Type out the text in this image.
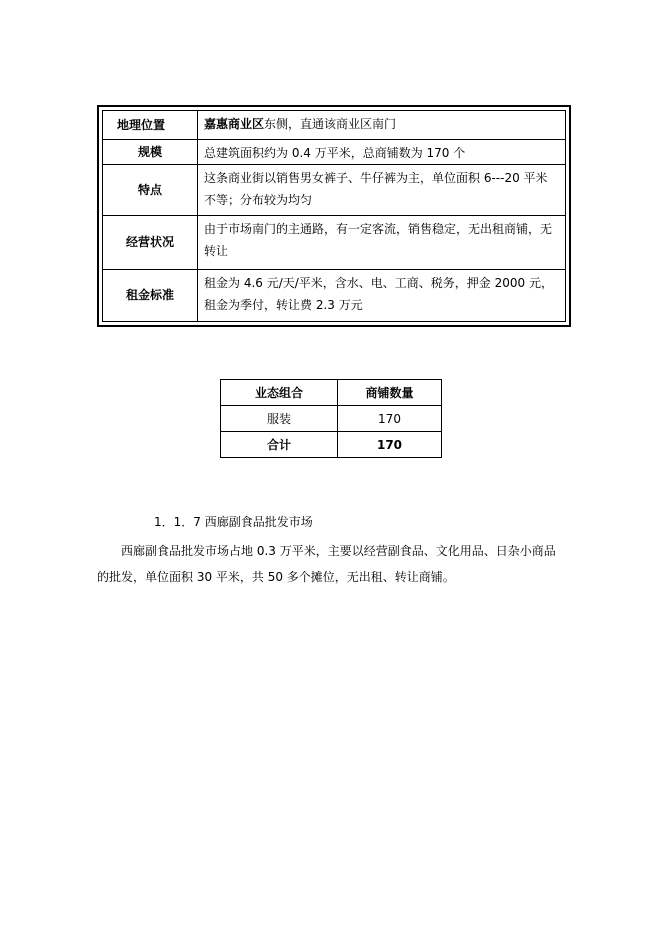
地理位置	嘉惠商业区东侧，直通该商业区南门
规模	总建筑面积约为 0.4 万平米，总商铺数为 170 个
特点	这条商业街以销售男女裤子、牛仔裤为主，单位面积 6---20 平米不等；分布较为均匀
经营状况	由于市场南门的主通路，有一定客流，销售稳定，无出租商铺，无转让
租金标准	租金为 4.6 元/天/平米，含水、电、工商、税务，押金 2000 元，租金为季付，转让费 2.3 万元
业态组合	商铺数量
服装	170
合计	170
1．1．7 西廊副食品批发市场
西廊副食品批发市场占地 0.3 万平米，主要以经营副食品、文化用品、日杂小商品的批发，单位面积 30 平米，共 50 多个摊位，无出租、转让商铺。
